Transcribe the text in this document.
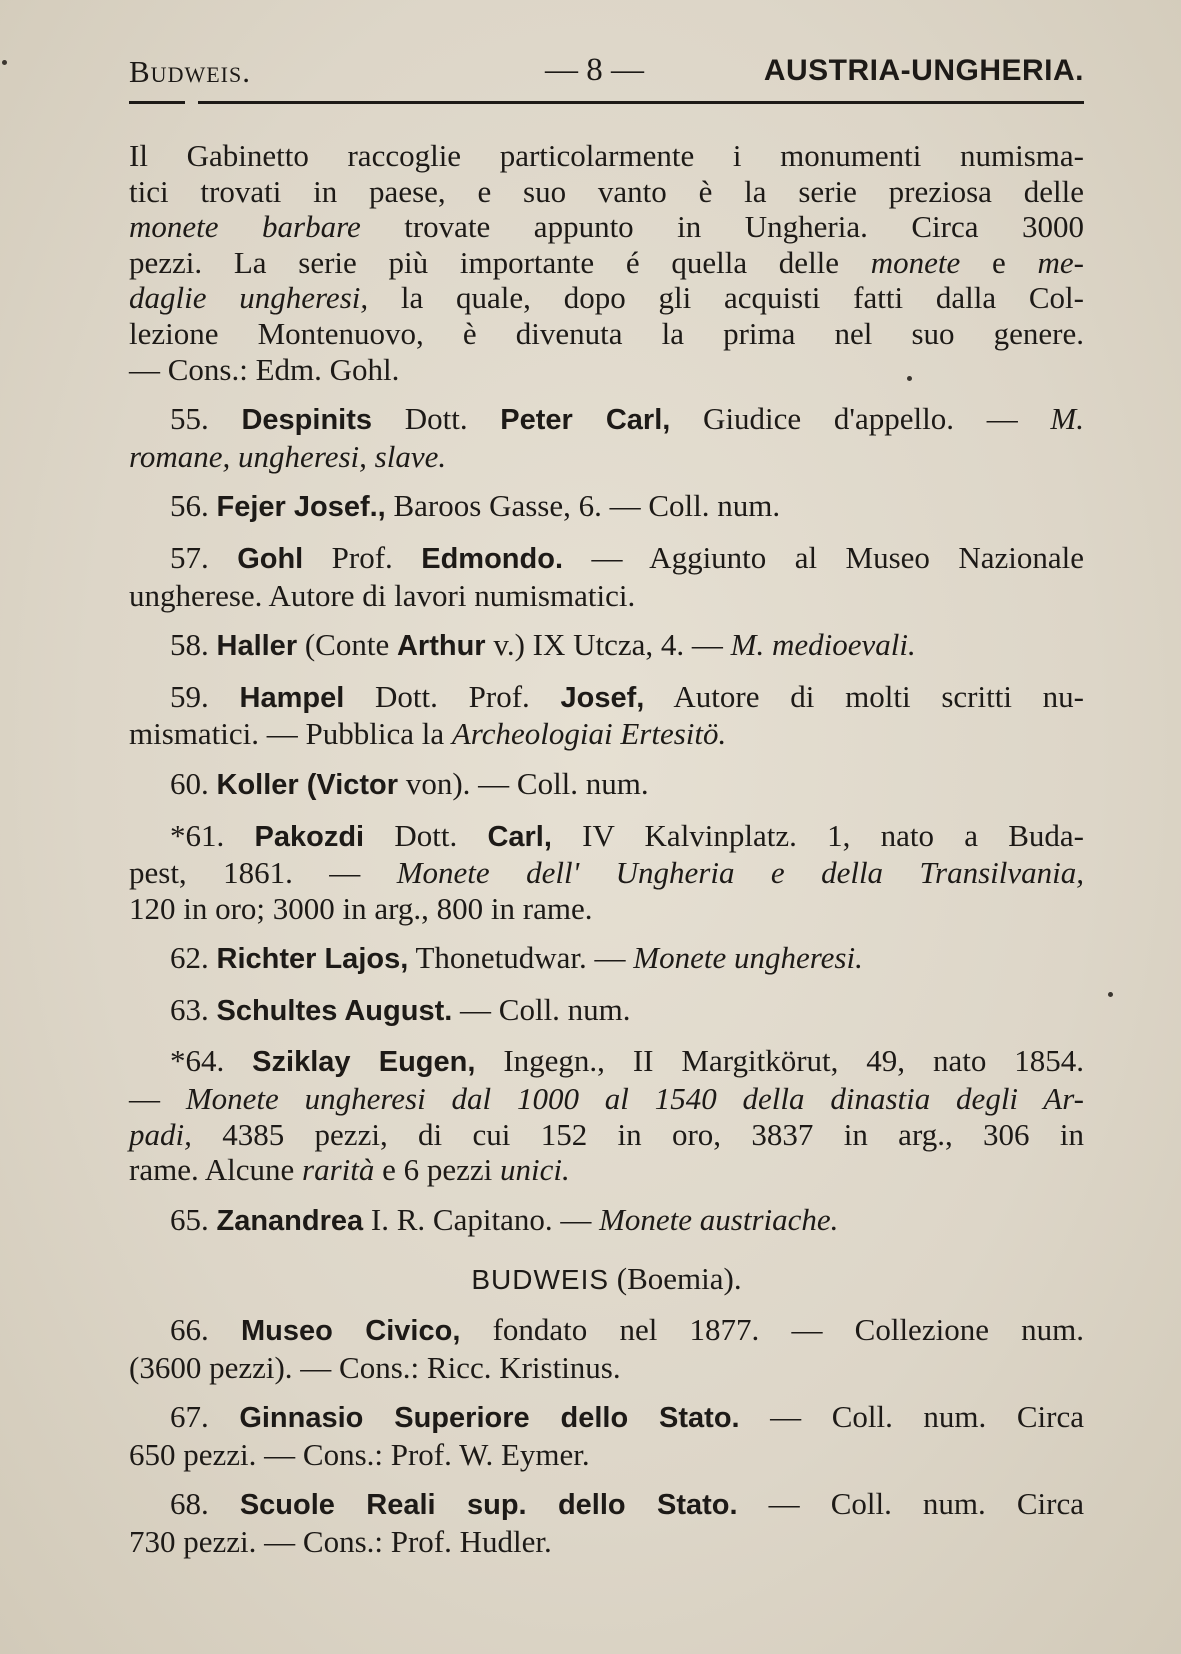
Budweis.	— 8 —	AUSTRIA-UNGHERIA.
Il Gabinetto raccoglie particolarmente i monumenti numisma-
tici trovati in paese, e suo vanto è la serie preziosa delle
monete barbare trovate appunto in Ungheria. Circa 3000
pezzi. La serie più importante é quella delle monete e me-
daglie ungheresi, la quale, dopo gli acquisti fatti dalla Col-
lezione Montenuovo, è divenuta la prima nel suo genere.
— Cons.: Edm. Gohl.
55. Despinits Dott. Peter Carl, Giudice d'appello. — M.
romane, ungheresi, slave.
56. Fejer Josef., Baroos Gasse, 6. — Coll. num.
57. Gohl Prof. Edmondo. — Aggiunto al Museo Nazionale
ungherese. Autore di lavori numismatici.
58. Haller (Conte Arthur v.) IX Utcza, 4. — M. medioevali.
59. Hampel Dott. Prof. Josef, Autore di molti scritti nu-
mismatici. — Pubblica la Archeologiai Ertesitö.
60. Koller (Victor von). — Coll. num.
*61. Pakozdi Dott. Carl, IV Kalvinplatz. 1, nato a Buda-
pest, 1861. — Monete dell' Ungheria e della Transilvania,
120 in oro; 3000 in arg., 800 in rame.
62. Richter Lajos, Thonetudwar. — Monete ungheresi.
63. Schultes August. — Coll. num.
*64. Sziklay Eugen, Ingegn., II Margitkörut, 49, nato 1854.
— Monete ungheresi dal 1000 al 1540 della dinastia degli Ar-
padi, 4385 pezzi, di cui 152 in oro, 3837 in arg., 306 in
rame. Alcune rarità e 6 pezzi unici.
65. Zanandrea I. R. Capitano. — Monete austriache.
BUDWEIS (Boemia).
66. Museo Civico, fondato nel 1877. — Collezione num.
(3600 pezzi). — Cons.: Ricc. Kristinus.
67. Ginnasio Superiore dello Stato. — Coll. num. Circa
650 pezzi. — Cons.: Prof. W. Eymer.
68. Scuole Reali sup. dello Stato. — Coll. num. Circa
730 pezzi. — Cons.: Prof. Hudler.
